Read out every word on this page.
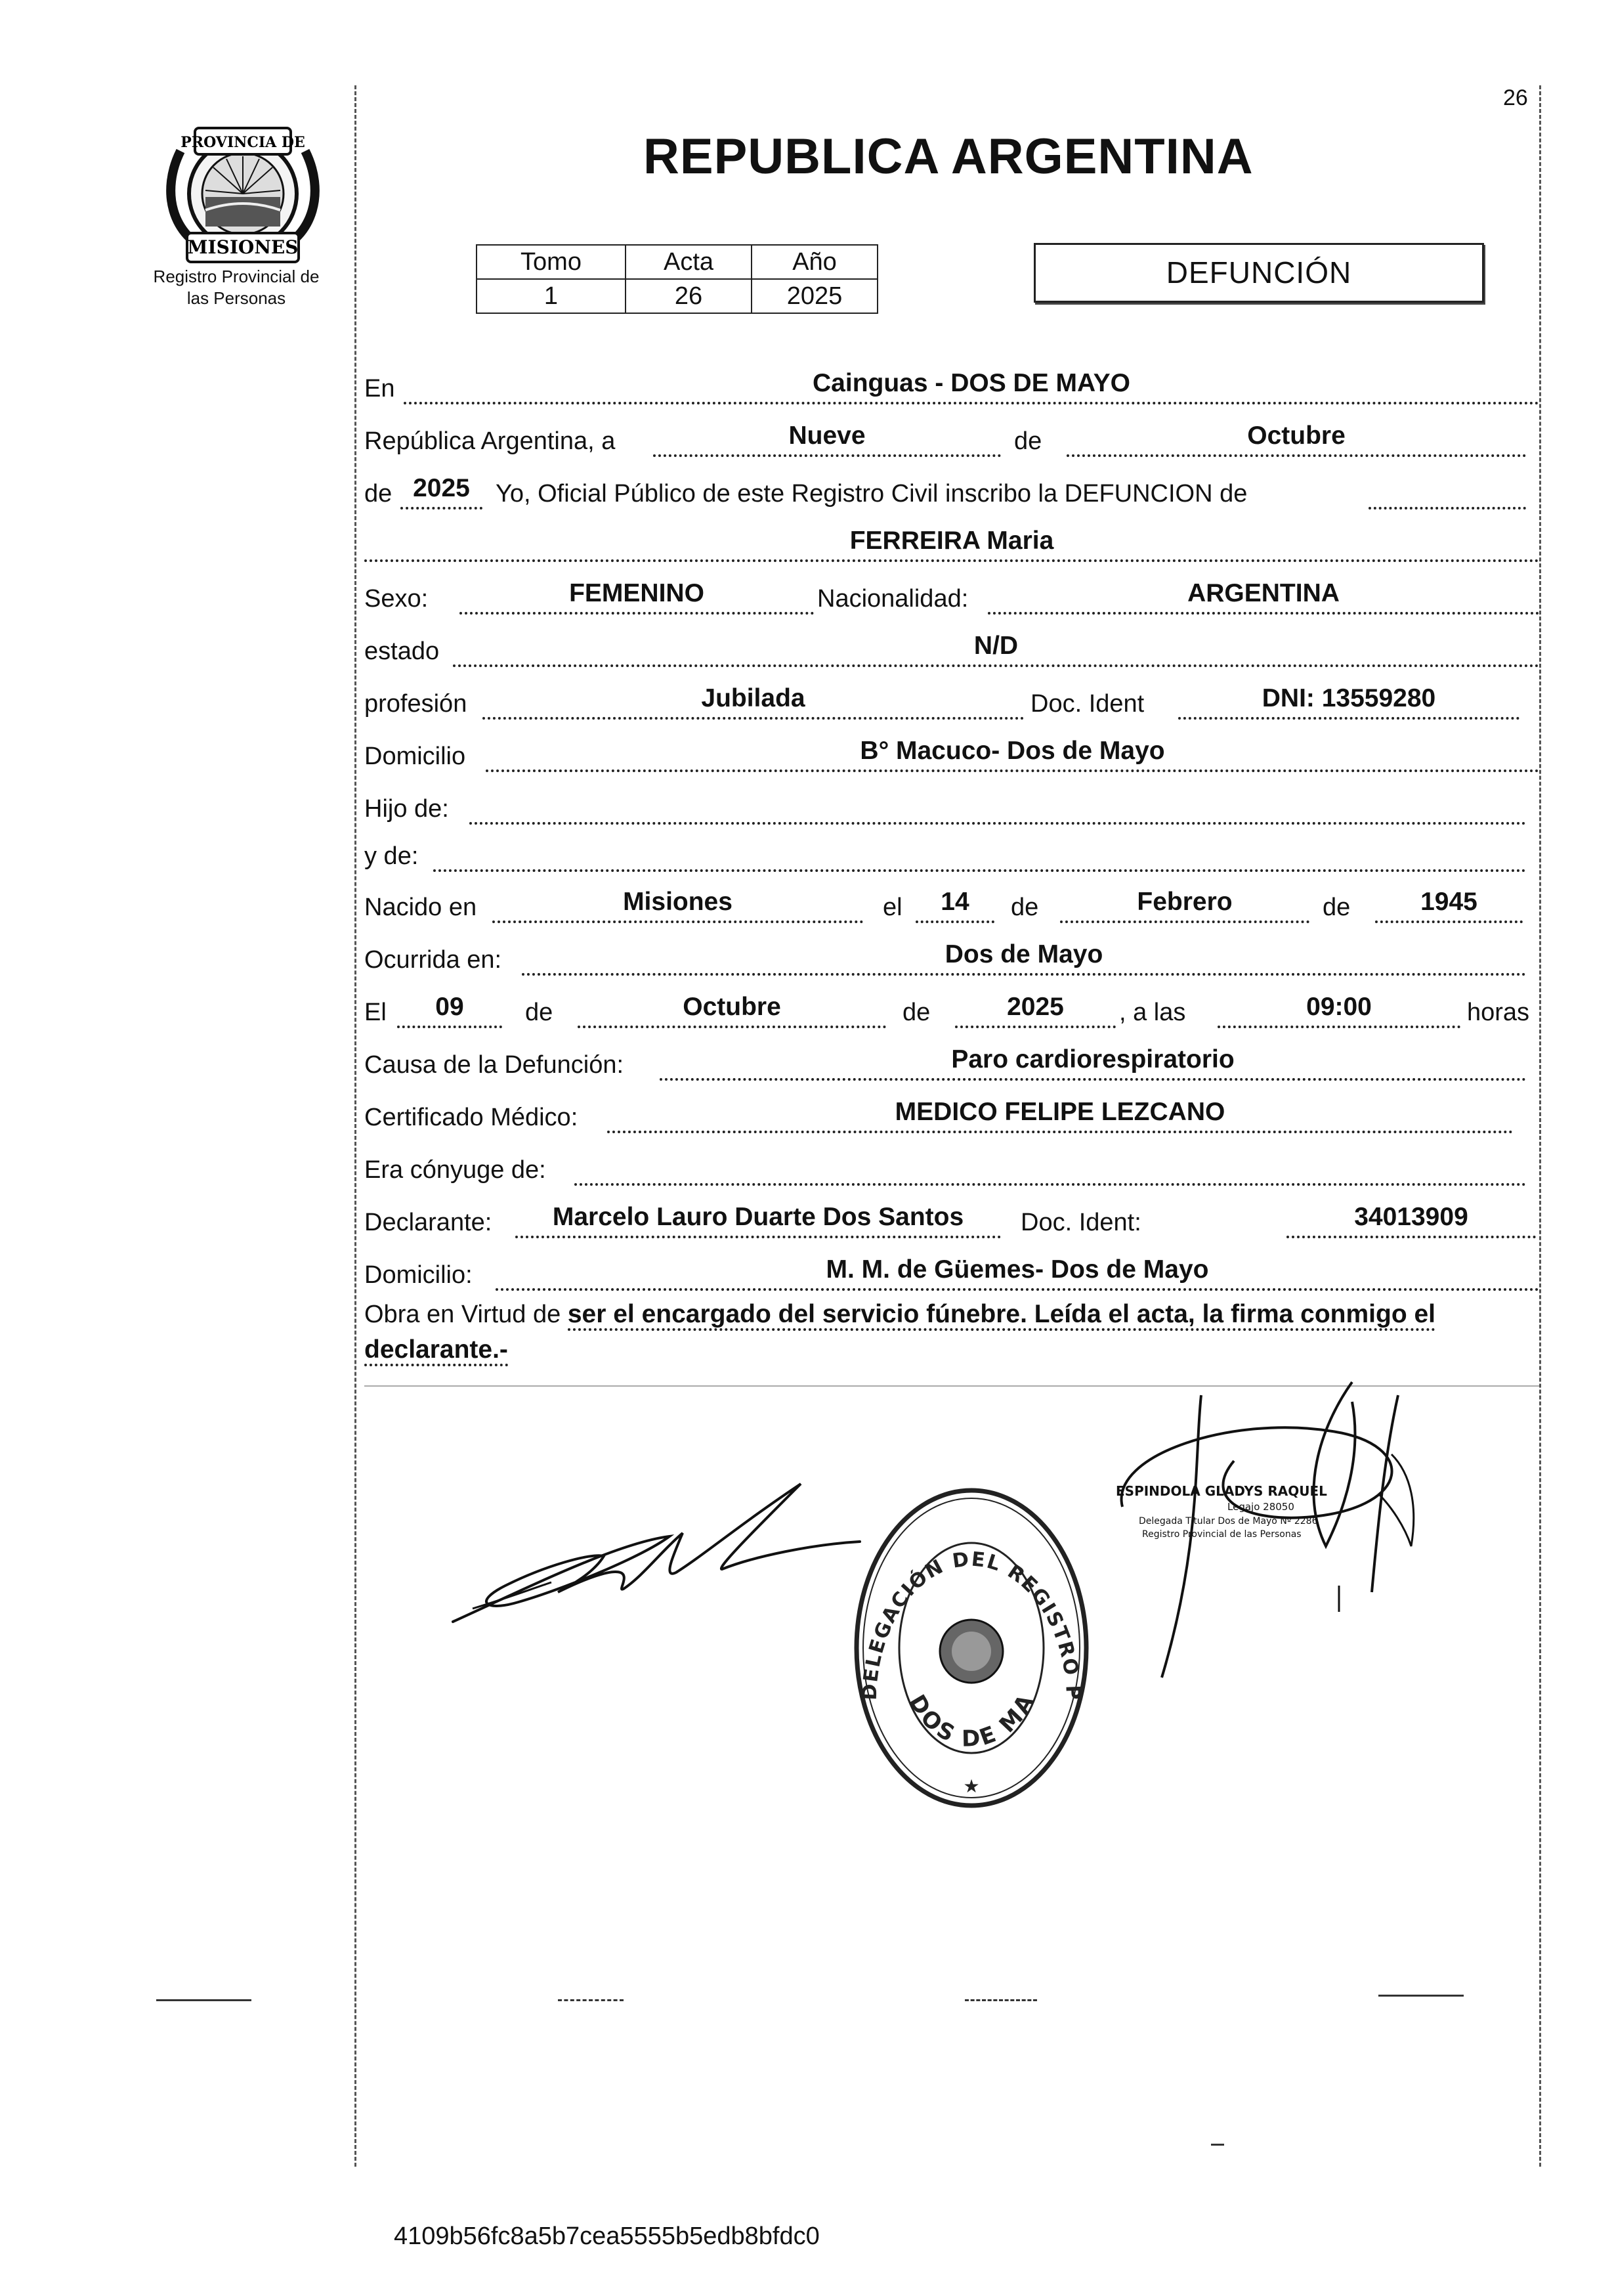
26
REPUBLICA ARGENTINA
PROVINCIA DE
MISIONES
Registro Provincial de
las Personas
Tomo	Acta	Año
1	26	2025
DEFUNCIÓN
En	Cainguas - DOS DE MAYO
República Argentina, a	Nueve	de	Octubre
de 2025	Yo, Oficial Público de este Registro Civil inscribo la DEFUNCION de
FERREIRA Maria
Sexo:	FEMENINO	Nacionalidad:	ARGENTINA
estado	N/D
profesión	Jubilada	Doc. Ident	DNI: 13559280
Domicilio	B° Macuco- Dos de Mayo
Hijo de:
y de:
Nacido en	Misiones	el	14	de	Febrero	de	1945
Ocurrida en:	Dos de Mayo
El	09	de	Octubre	de	2025	, a las	09:00	horas
Causa de la Defunción:	Paro cardiorespiratorio
Certificado Médico:	MEDICO FELIPE LEZCANO
Era cónyuge de:
Declarante:	Marcelo Lauro Duarte Dos Santos	Doc. Ident:	34013909
Domicilio:	M. M. de Güemes- Dos de Mayo
Obra en Virtud de ser el encargado del servicio fúnebre. Leída el acta, la firma conmigo el
declarante.-
DELEGACIÓN DEL REGISTRO P
DOS DE MA
★
ESPINDOLA GLADYS RAQUEL
Legajo 28050
Delegada Titular Dos de Mayo Nº 2286
Registro Provincial de las Personas
4109b56fc8a5b7cea5555b5edb8bfdc0
